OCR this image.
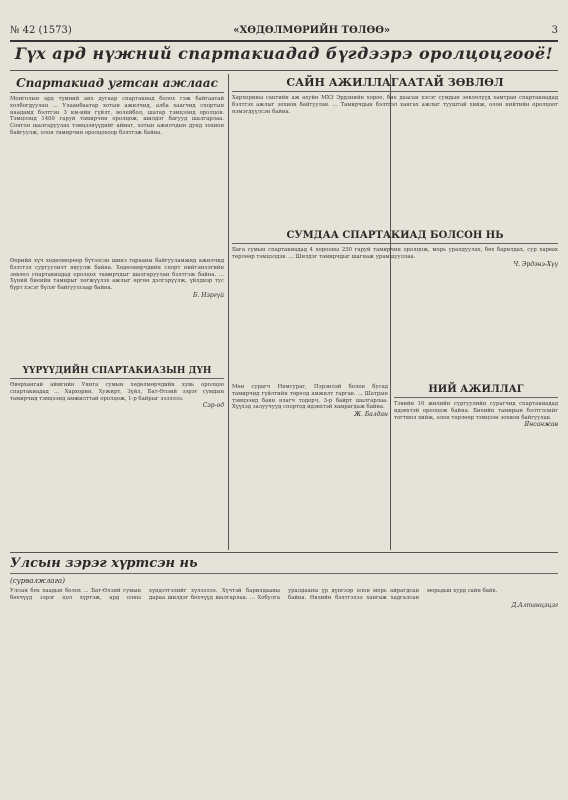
№ 42 (1573)	«ХӨДӨЛМӨРИЙН ТӨЛӨӨ»	3
Гүх ард нүжний спартакиадад бүгдээрэ оролцоцгооё!
Спартакиад угтсан ажлаас
Монголын ард түмний анх дугаар спартакиад болох гэж байгаатай холбогдуулан ... Улаанбаатар хотын ажилчид, алба хаагчид спортын наадамд бэлтгэн 3 км-ийн гүйлт, волейбол, шатар тэмцээнд оролцов. Тэмцээнд 1400 гаруй тамирчин оролцож, шилдэг багууд шалгарлаа. Сонгон шалгаруулах тэмцээнүүдийг аймаг, хотын ажилчдын дунд зохион байгуулж, олон тамирчин оролцохоор бэлтгэж байна.
Өөрийн хүч хөдөлмөрөөр бүтээсэн шинэ гарааны байгууламжид ажилчид бэлтгэл сургуулилт явуулж байна. Хөдөлмөрчдийн спорт нийгэмлэгийн зөвлөл спартакиадад оролцох тамирчдыг шалгаруулан бэлтгэж байна. ... Хүний биеийн тамирыг хөгжүүлэх ажлыг өргөн дэлгэрүүлж, үйлдвэр тус бүрт хэсэг бүлэг байгуулсаар байна.
Б. Нэргүй
САЙН АЖИЛЛАГААТАЙ ЗӨВЛӨЛ
Хархорины сангийн аж ахуйн МХЗ Эрдэнийн хороо, бие даасан хэсэг сумдын зөвлөлүүд хамтран спартакиадад бэлтгэх ажлыг зохион байгуулав. ... Тамирчдын бэлтгэл хангах ажлыг тууштай хийж, олон нийтийн оролцоог нэмэгдүүлсэн байна.
ҮҮРҮҮДИЙН СПАРТАКИАЗЫН ДҮН
Өвөрхангай аймгийн Уянга сумын хөдөлмөрчдийн хувь оролцоо спартакиадад ... Хархорин, Хужирт, Зүйл, Бат-Өлзий зэрэг сумдын тамирчид тэмцээнд амжилттай оролцож, 1-р байрыг эзэллээ.
Сэр-од
СУМДАА СПАРТАКИАД БОЛСОН НЬ
Бага сумын спартакиадад 4 хорооны 250 гаруй тамирчин оролцож, морь уралдуулах, бөх барилдах, сур харвах төрлөөр тэмцэлдэв. ... Шилдэг тамирчдыг шагнаж урамшууллаа.
Ч. Эрдэнэ-Хүү
НИЙ АЖИЛЛАГ
Тэвийн 10 жилийн сургуулийн сурагчид спартакиадад идэвхтэй оролцож байна. Биеийн тамирын бэлтгэлийг тогтмол хийж, олон төрлөөр тэмцээн зохион байгуулав.
Янсанжав
Мөн сурагч Нямсураг, Пэрэнлэй болон бусад тамирчид гүйлтийн төрөлд амжилт гаргав. ... Шатрын тэмцээнд баян ялагч тодорч, 3-р байрт шалгарлаа. Хүүхэд залуучууд спортод идэвхтэй хамрагдаж байна.
Ж. Балдан
Улсын зэрэг хүртсэн нь
(сурвалжлага)
Улсын бөх хаадын болох ... Бат-Өлзий сумын бөхчүүд зэрэг цол хүртэж, ард олны хүндэтгэлийг хүлээлээ. Хүчтэй барилдааны дараа шилдэг бөхчүүд шалгарлаа. ... Хобулга уралдааны үр дүнгээр олон морь айрагдсан байна. Өвлийн бэлтгэлээ хангаж хадгалсан морьдын хурд сайн байв.
Д.Алтанцэцэг
